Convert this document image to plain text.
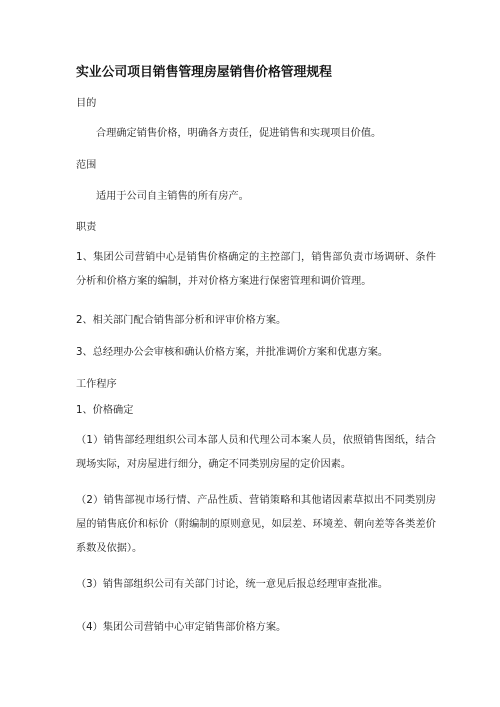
实业公司项目销售管理房屋销售价格管理规程

目的

合理确定销售价格，明确各方责任，促进销售和实现项目价值。

范围

适用于公司自主销售的所有房产。

职责

1、集团公司营销中心是销售价格确定的主控部门，销售部负责市场调研、条件分析和价格方案的编制，并对价格方案进行保密管理和调价管理。

2、相关部门配合销售部分析和评审价格方案。

3、总经理办公会审核和确认价格方案，并批准调价方案和优惠方案。

工作程序

1、价格确定

（1）销售部经理组织公司本部人员和代理公司本案人员，依照销售图纸，结合现场实际，对房屋进行细分，确定不同类别房屋的定价因素。

（2）销售部视市场行情、产品性质、营销策略和其他诸因素草拟出不同类别房屋的销售底价和标价（附编制的原则意见，如层差、环境差、朝向差等各类差价系数及依据）。

（3）销售部组织公司有关部门讨论，统一意见后报总经理审查批准。

（4）集团公司营销中心审定销售部价格方案。
